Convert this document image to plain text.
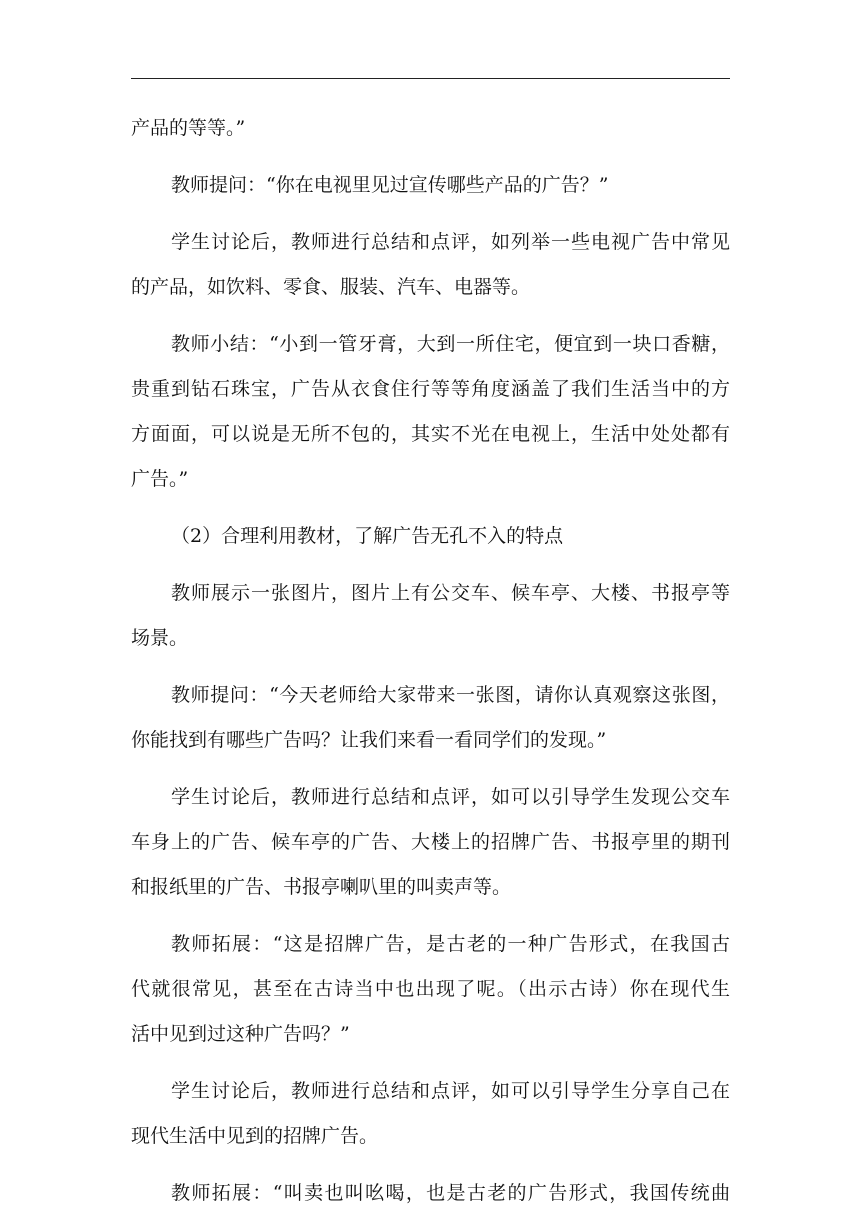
产品的等等。”
教师提问：“你在电视里见过宣传哪些产品的广告？”
学生讨论后，教师进行总结和点评，如列举一些电视广告中常见
的产品，如饮料、零食、服装、汽车、电器等。
教师小结：“小到一管牙膏，大到一所住宅，便宜到一块口香糖，
贵重到钻石珠宝，广告从衣食住行等等角度涵盖了我们生活当中的方
方面面，可以说是无所不包的，其实不光在电视上，生活中处处都有
广告。”
（2）合理利用教材，了解广告无孔不入的特点
教师展示一张图片，图片上有公交车、候车亭、大楼、书报亭等
场景。
教师提问：“今天老师给大家带来一张图，请你认真观察这张图，
你能找到有哪些广告吗？让我们来看一看同学们的发现。”
学生讨论后，教师进行总结和点评，如可以引导学生发现公交车
车身上的广告、候车亭的广告、大楼上的招牌广告、书报亭里的期刊
和报纸里的广告、书报亭喇叭里的叫卖声等。
教师拓展：“这是招牌广告，是古老的一种广告形式，在我国古
代就很常见，甚至在古诗当中也出现了呢。（出示古诗）你在现代生
活中见到过这种广告吗？”
学生讨论后，教师进行总结和点评，如可以引导学生分享自己在
现代生活中见到的招牌广告。
教师拓展：“叫卖也叫吆喝，也是古老的广告形式，我国传统曲
